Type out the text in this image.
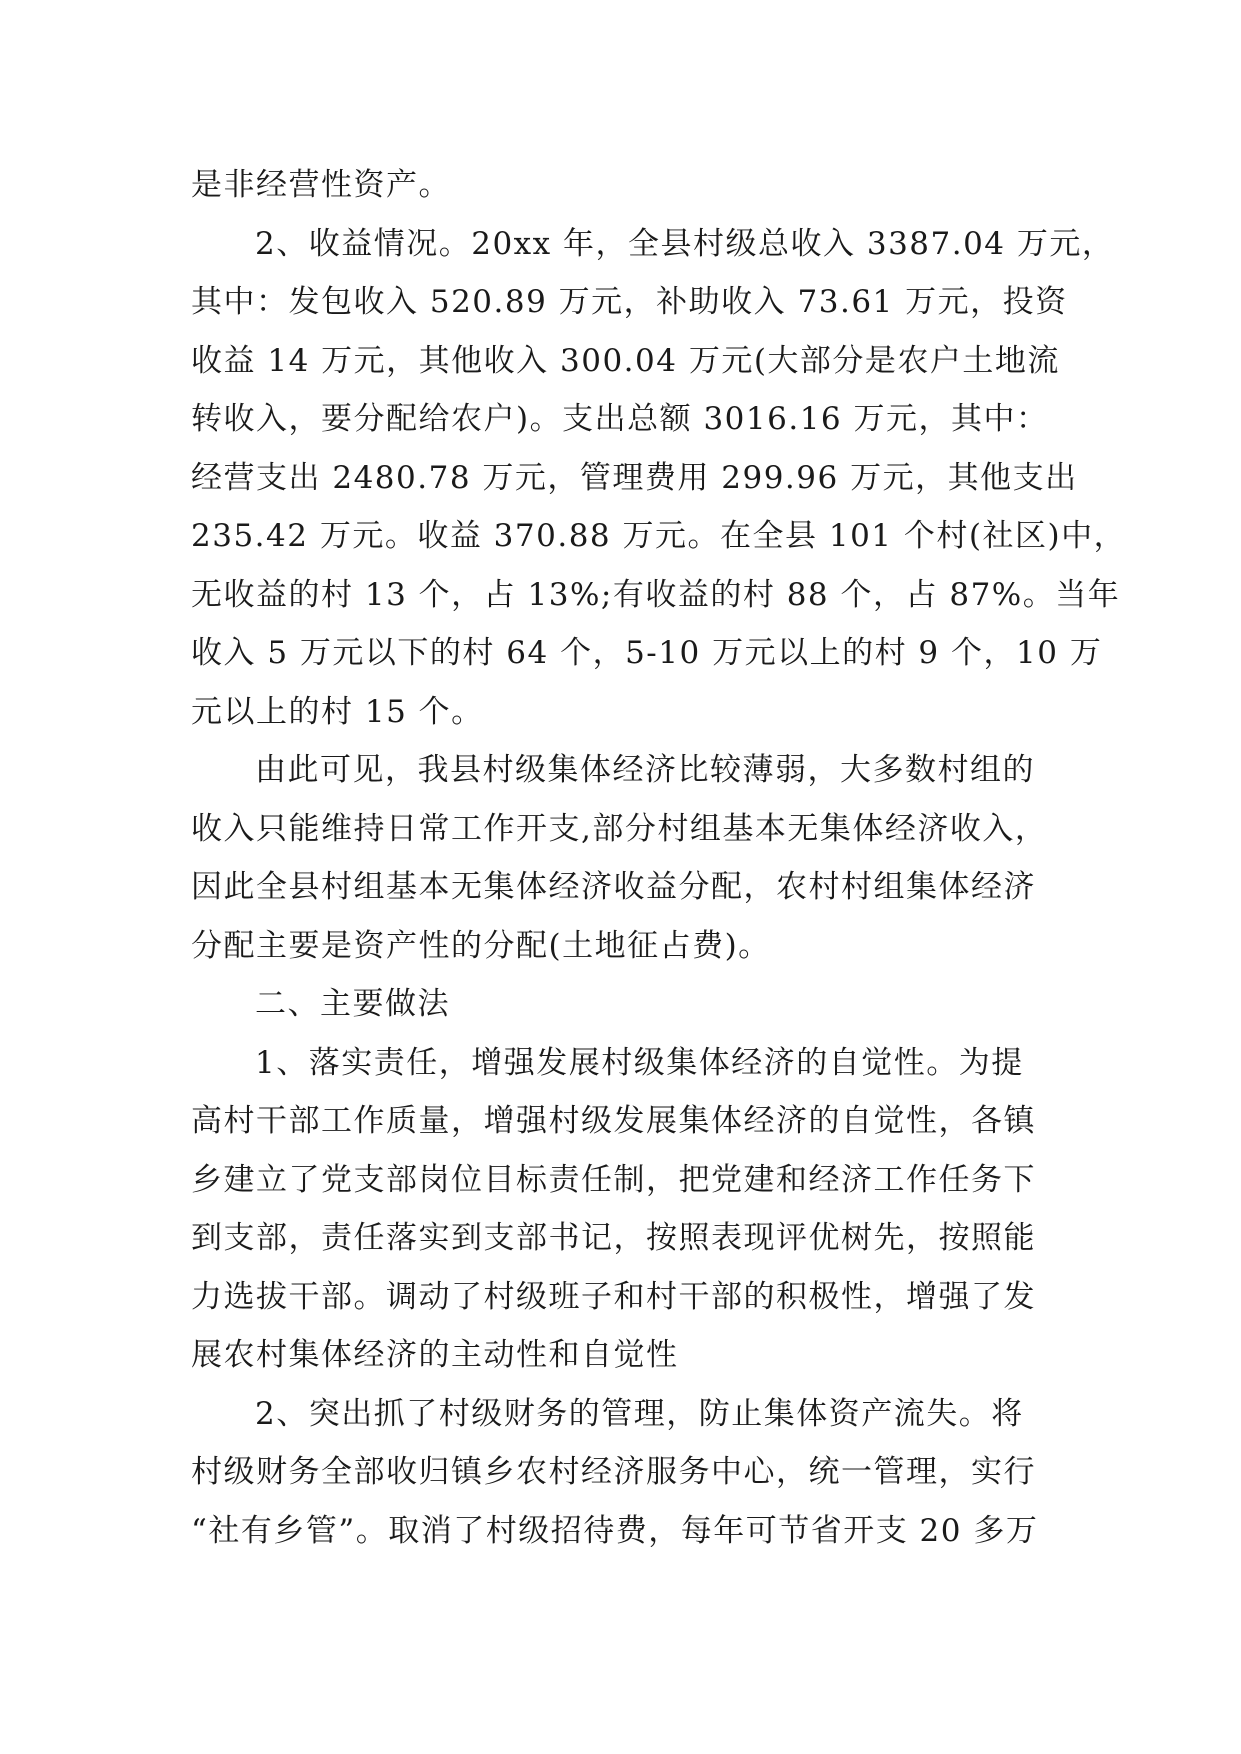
是非经营性资产。
2、收益情况。20xx 年，全县村级总收入 3387.04 万元，
其中：发包收入 520.89 万元，补助收入 73.61 万元，投资
收益 14 万元，其他收入 300.04 万元(大部分是农户土地流
转收入，要分配给农户)。支出总额 3016.16 万元，其中：
经营支出 2480.78 万元，管理费用 299.96 万元，其他支出
235.42 万元。收益 370.88 万元。在全县 101 个村(社区)中，
无收益的村 13 个，占 13%;有收益的村 88 个，占 87%。当年
收入 5 万元以下的村 64 个，5-10 万元以上的村 9 个，10 万
元以上的村 15 个。
由此可见，我县村级集体经济比较薄弱，大多数村组的
收入只能维持日常工作开支,部分村组基本无集体经济收入，
因此全县村组基本无集体经济收益分配，农村村组集体经济
分配主要是资产性的分配(土地征占费)。
二、主要做法
1、落实责任，增强发展村级集体经济的自觉性。为提
高村干部工作质量，增强村级发展集体经济的自觉性，各镇
乡建立了党支部岗位目标责任制，把党建和经济工作任务下
到支部，责任落实到支部书记，按照表现评优树先，按照能
力选拔干部。调动了村级班子和村干部的积极性，增强了发
展农村集体经济的主动性和自觉性
2、突出抓了村级财务的管理，防止集体资产流失。将
村级财务全部收归镇乡农村经济服务中心，统一管理，实行
“社有乡管”。取消了村级招待费，每年可节省开支 20 多万
